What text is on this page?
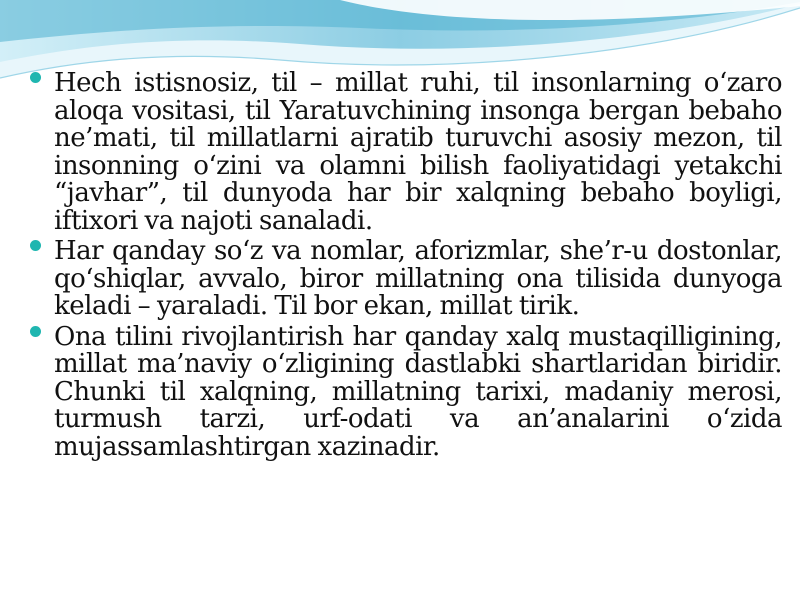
Hech istisnosiz, til – millat ruhi, til insonlarning o‘zaro aloqa vositasi, til Yaratuvchining insonga bergan bebaho ne’mati, til millatlarni ajratib turuvchi asosiy mezon, til insonning o‘zini va olamni bilish faoliyatidagi yetakchi “javhar”, til dunyoda har bir xalqning bebaho boyligi, iftixori va najoti sanaladi.
Har qanday so‘z va nomlar, aforizmlar, she’r-u dostonlar, qo‘shiqlar, avvalo, biror millatning ona tilisida dunyoga keladi – yaraladi. Til bor ekan, millat tirik.
Ona tilini rivojlantirish har qanday xalq mustaqilligining, millat ma’naviy o‘zligining dastlabki shartlaridan biridir. Chunki til xalqning, millatning tarixi, madaniy merosi, turmush tarzi, urf-odati va an’analarini o‘zida mujassamlashtirgan xazinadir.
